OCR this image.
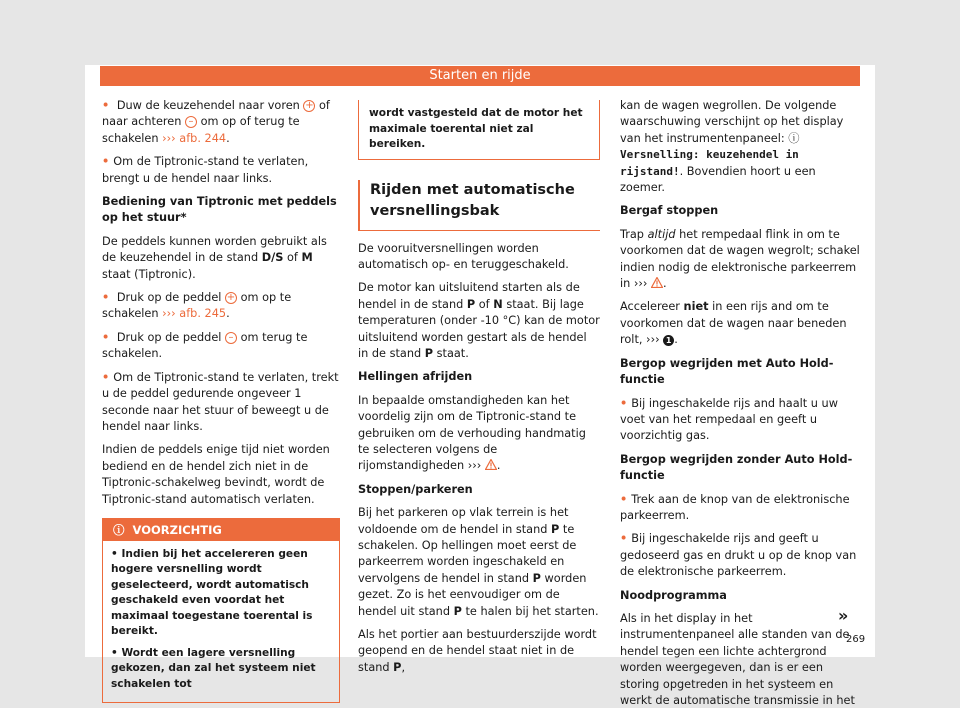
Starten en rijde

• Duw de keuzehendel naar voren + of naar achteren – om op of terug te schakelen ››› afb. 244.

• Om de Tiptronic-stand te verlaten, brengt u de hendel naar links.

Bediening van Tiptronic met peddels op het stuur*

De peddels kunnen worden gebruikt als de keuzehendel in de stand D/S of M staat (Tiptronic).

• Druk op de peddel + om op te schakelen ››› afb. 245.

• Druk op de peddel – om terug te schakelen.

• Om de Tiptronic-stand te verlaten, trekt u de peddel gedurende ongeveer 1 seconde naar het stuur of beweegt u de hendel naar links.

Indien de peddels enige tijd niet worden bediend en de hendel zich niet in de Tiptronic-schakelweg bevindt, wordt de Tiptronic-stand automatisch verlaten.

ⓘ VOORZICHTIG

• Indien bij het accelereren geen hogere versnelling wordt geselecteerd, wordt automatisch geschakeld even voordat het maximaal toegestane toerental is bereikt.

• Wordt een lagere versnelling gekozen, dan zal het systeem niet schakelen tot

wordt vastgesteld dat de motor het maximale toerental niet zal bereiken.
Rijden met automatische versnellingsbak

De vooruitversnellingen worden automatisch op- en teruggeschakeld.

De motor kan uitsluitend starten als de hendel in de stand P of N staat. Bij lage temperaturen (onder -10 °C) kan de motor uitsluitend worden gestart als de hendel in de stand P staat.

Hellingen afrijden

In bepaalde omstandigheden kan het voordelig zijn om de Tiptronic-stand te gebruiken om de verhouding handmatig te selecteren volgens de rijomstandigheden ››› .

Stoppen/parkeren

Bij het parkeren op vlak terrein is het voldoende om de hendel in stand P te schakelen. Op hellingen moet eerst de parkeerrem worden ingeschakeld en vervolgens de hendel in stand P worden gezet. Zo is het eenvoudiger om de hendel uit stand P te halen bij het starten.

Als het portier aan bestuurderszijde wordt geopend en de hendel staat niet in de stand P,

kan de wagen wegrollen. De volgende waarschuwing verschijnt op het display van het instrumentenpaneel: ⓘ Versnelling: keuzehendel in rijstand!. Bovendien hoort u een zoemer.

Bergaf stoppen

Trap altijd het rempedaal flink in om te voorkomen dat de wagen wegrolt; schakel indien nodig de elektronische parkeerrem in ››› .

Accelereer niet in een rijs and om te voorkomen dat de wagen naar beneden rolt, ››› 1 .

Bergop wegrijden met Auto Hold-functie

• Bij ingeschakelde rijs and haalt u uw voet van het rempedaal en geeft u voorzichtig gas.

Bergop wegrijden zonder Auto Hold-functie

• Trek aan de knop van de elektronische parkeerrem.

• Bij ingeschakelde rijs and geeft u gedoseerd gas en drukt u op de knop van de elektronische parkeerrem.

Noodprogramma

Als in het display in het instrumentenpaneel alle standen van de hendel tegen een lichte achtergrond worden weergegeven, dan is er een storing opgetreden in het systeem en werkt de automatische transmissie in het

»
269
